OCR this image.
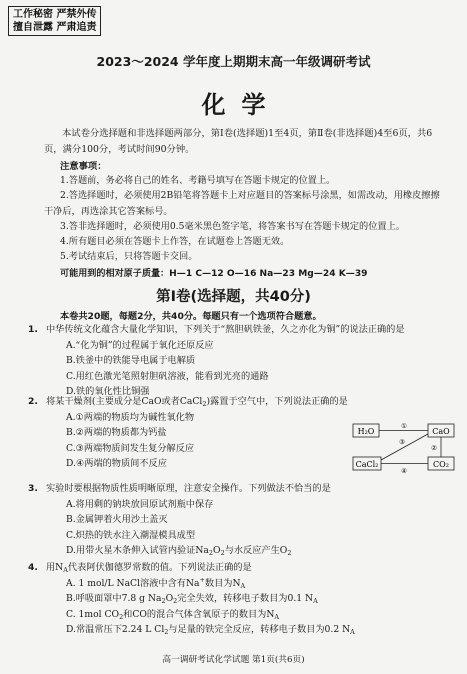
工作秘密 严禁外传
擅自泄露 严肃追责
2023～2024 学年度上期期末高一年级调研考试
化学
本试卷分选择题和非选择题两部分，第Ⅰ卷(选择题)1至4页，第Ⅱ卷(非选择题)4至6页，共6页，满分100分，考试时间90分钟。
注意事项：
1.答题前，务必将自己的姓名、考籍号填写在答题卡规定的位置上。
2.答选择题时，必须使用2B铅笔将答题卡上对应题目的答案标号涂黑，如需改动，用橡皮擦擦干净后，再选涂其它答案标号。
3.答非选择题时，必须使用0.5毫米黑色签字笔，将答案书写在答题卡规定的位置上。
4.所有题目必须在答题卡上作答，在试题卷上答题无效。
5.考试结束后，只将答题卡交回。
可能用到的相对原子质量：H—1 C—12 O—16 Na—23 Mg—24 K—39
第Ⅰ卷(选择题，共40分)
本卷共20题，每题2分，共40分。每题只有一个选项符合题意。
1. 中华传统文化蕴含大量化学知识，下列关于“熬胆矾铁釜，久之亦化为铜”的说法正确的是
A.“化为铜”的过程属于氧化还原反应
B.铁釜中的铁能导电属于电解质
C.用红色激光笔照射胆矾溶液，能看到光亮的通路
D.铁的氧化性比铜强
2. 将某干燥剂(主要成分是CaO或者CaCl$_2$)露置于空气中，下列说法正确的是
A.①两端的物质均为碱性氧化物
B.②两端的物质都为钙盐
C.③两端物质间发生复分解反应
D.④两端的物质间不反应
H₂O	CaO
CaCl₂	CO₂
①
②
③
④
3. 实验时要根据物质性质明晰原理，注意安全操作。下列做法不恰当的是
A.将用剩的钠块放回原试剂瓶中保存
B.金属钾着火用沙土盖灭
C.炽热的铁水注入潮湿模具成型
D.用带火星木条伸入试管内验证$Na_2O_2$与水反应产生$O_2$
4. 用$N_A$代表阿伏伽德罗常数的值。下列说法正确的是
A. 1 mol/L NaCl溶液中含有Na+数目为$N_A$
B.呼吸面罩中7.8 g $Na_2O_2$完全失效，转移电子数目为0.1 $N_A$
C. 1mol $CO_2$和CO的混合气体含氧原子的数目为$N_A$
D.常温常压下2.24 L $Cl_2$与足量的铁完全反应，转移电子数目为0.2 $N_A$
高一调研考试化学试题 第1页(共6页)
